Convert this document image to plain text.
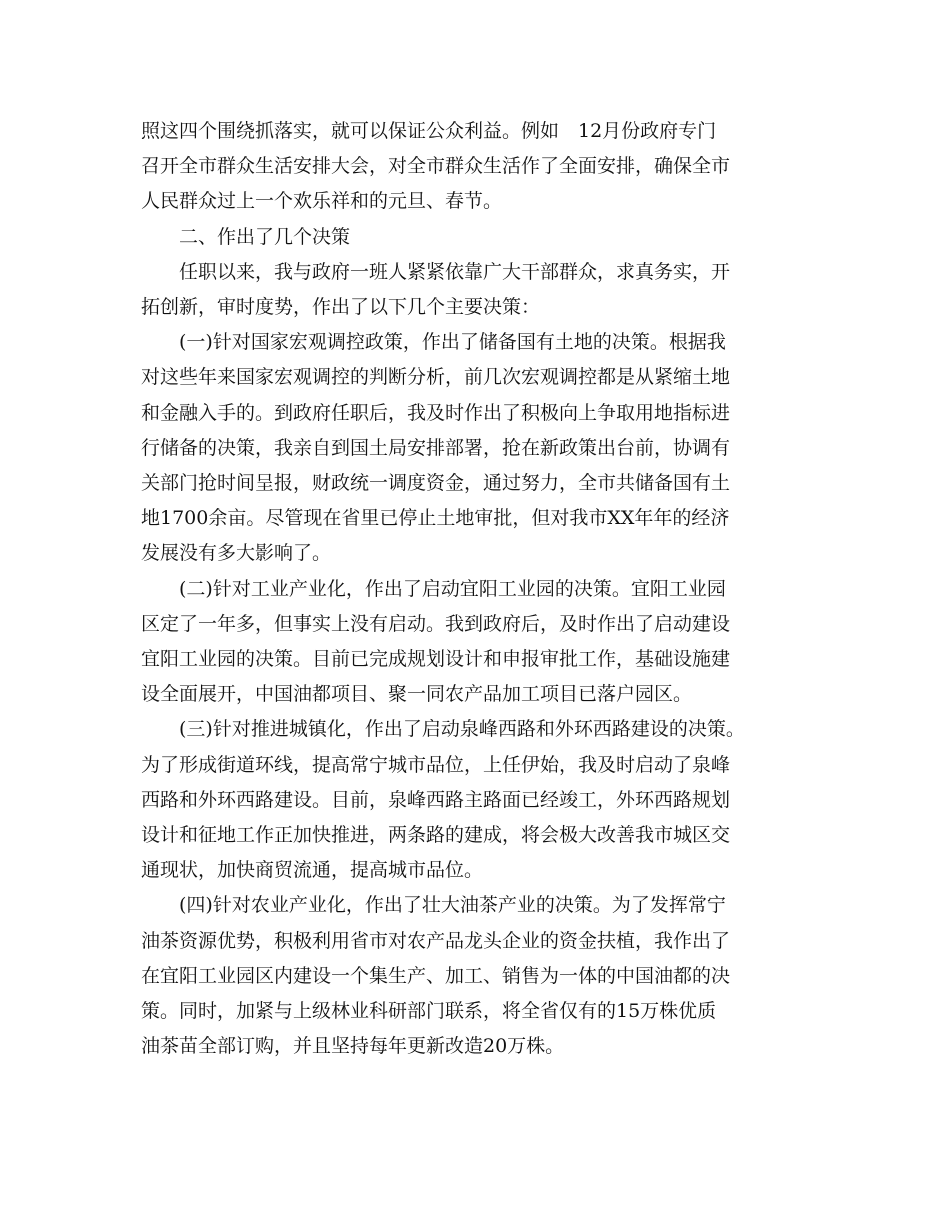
照这四个围绕抓落实，就可以保证公众利益。例如　12月份政府专门
召开全市群众生活安排大会，对全市群众生活作了全面安排，确保全市
人民群众过上一个欢乐祥和的元旦、春节。

二、作出了几个决策

任职以来，我与政府一班人紧紧依靠广大干部群众，求真务实，开
拓创新，审时度势，作出了以下几个主要决策：

(一)针对国家宏观调控政策，作出了储备国有土地的决策。根据我
对这些年来国家宏观调控的判断分析，前几次宏观调控都是从紧缩土地
和金融入手的。到政府任职后，我及时作出了积极向上争取用地指标进
行储备的决策，我亲自到国土局安排部署，抢在新政策出台前，协调有
关部门抢时间呈报，财政统一调度资金，通过努力，全市共储备国有土
地1700余亩。尽管现在省里已停止土地审批，但对我市XX年年的经济
发展没有多大影响了。

(二)针对工业产业化，作出了启动宜阳工业园的决策。宜阳工业园
区定了一年多，但事实上没有启动。我到政府后，及时作出了启动建设
宜阳工业园的决策。目前已完成规划设计和申报审批工作，基础设施建
设全面展开，中国油都项目、聚一同农产品加工项目已落户园区。

(三)针对推进城镇化，作出了启动泉峰西路和外环西路建设的决策。
为了形成街道环线，提高常宁城市品位，上任伊始，我及时启动了泉峰
西路和外环西路建设。目前，泉峰西路主路面已经竣工，外环西路规划
设计和征地工作正加快推进，两条路的建成，将会极大改善我市城区交
通现状，加快商贸流通，提高城市品位。

(四)针对农业产业化，作出了壮大油茶产业的决策。为了发挥常宁
油茶资源优势，积极利用省市对农产品龙头企业的资金扶植，我作出了
在宜阳工业园区内建设一个集生产、加工、销售为一体的中国油都的决
策。同时，加紧与上级林业科研部门联系，将全省仅有的15万株优质
油茶苗全部订购，并且坚持每年更新改造20万株。
